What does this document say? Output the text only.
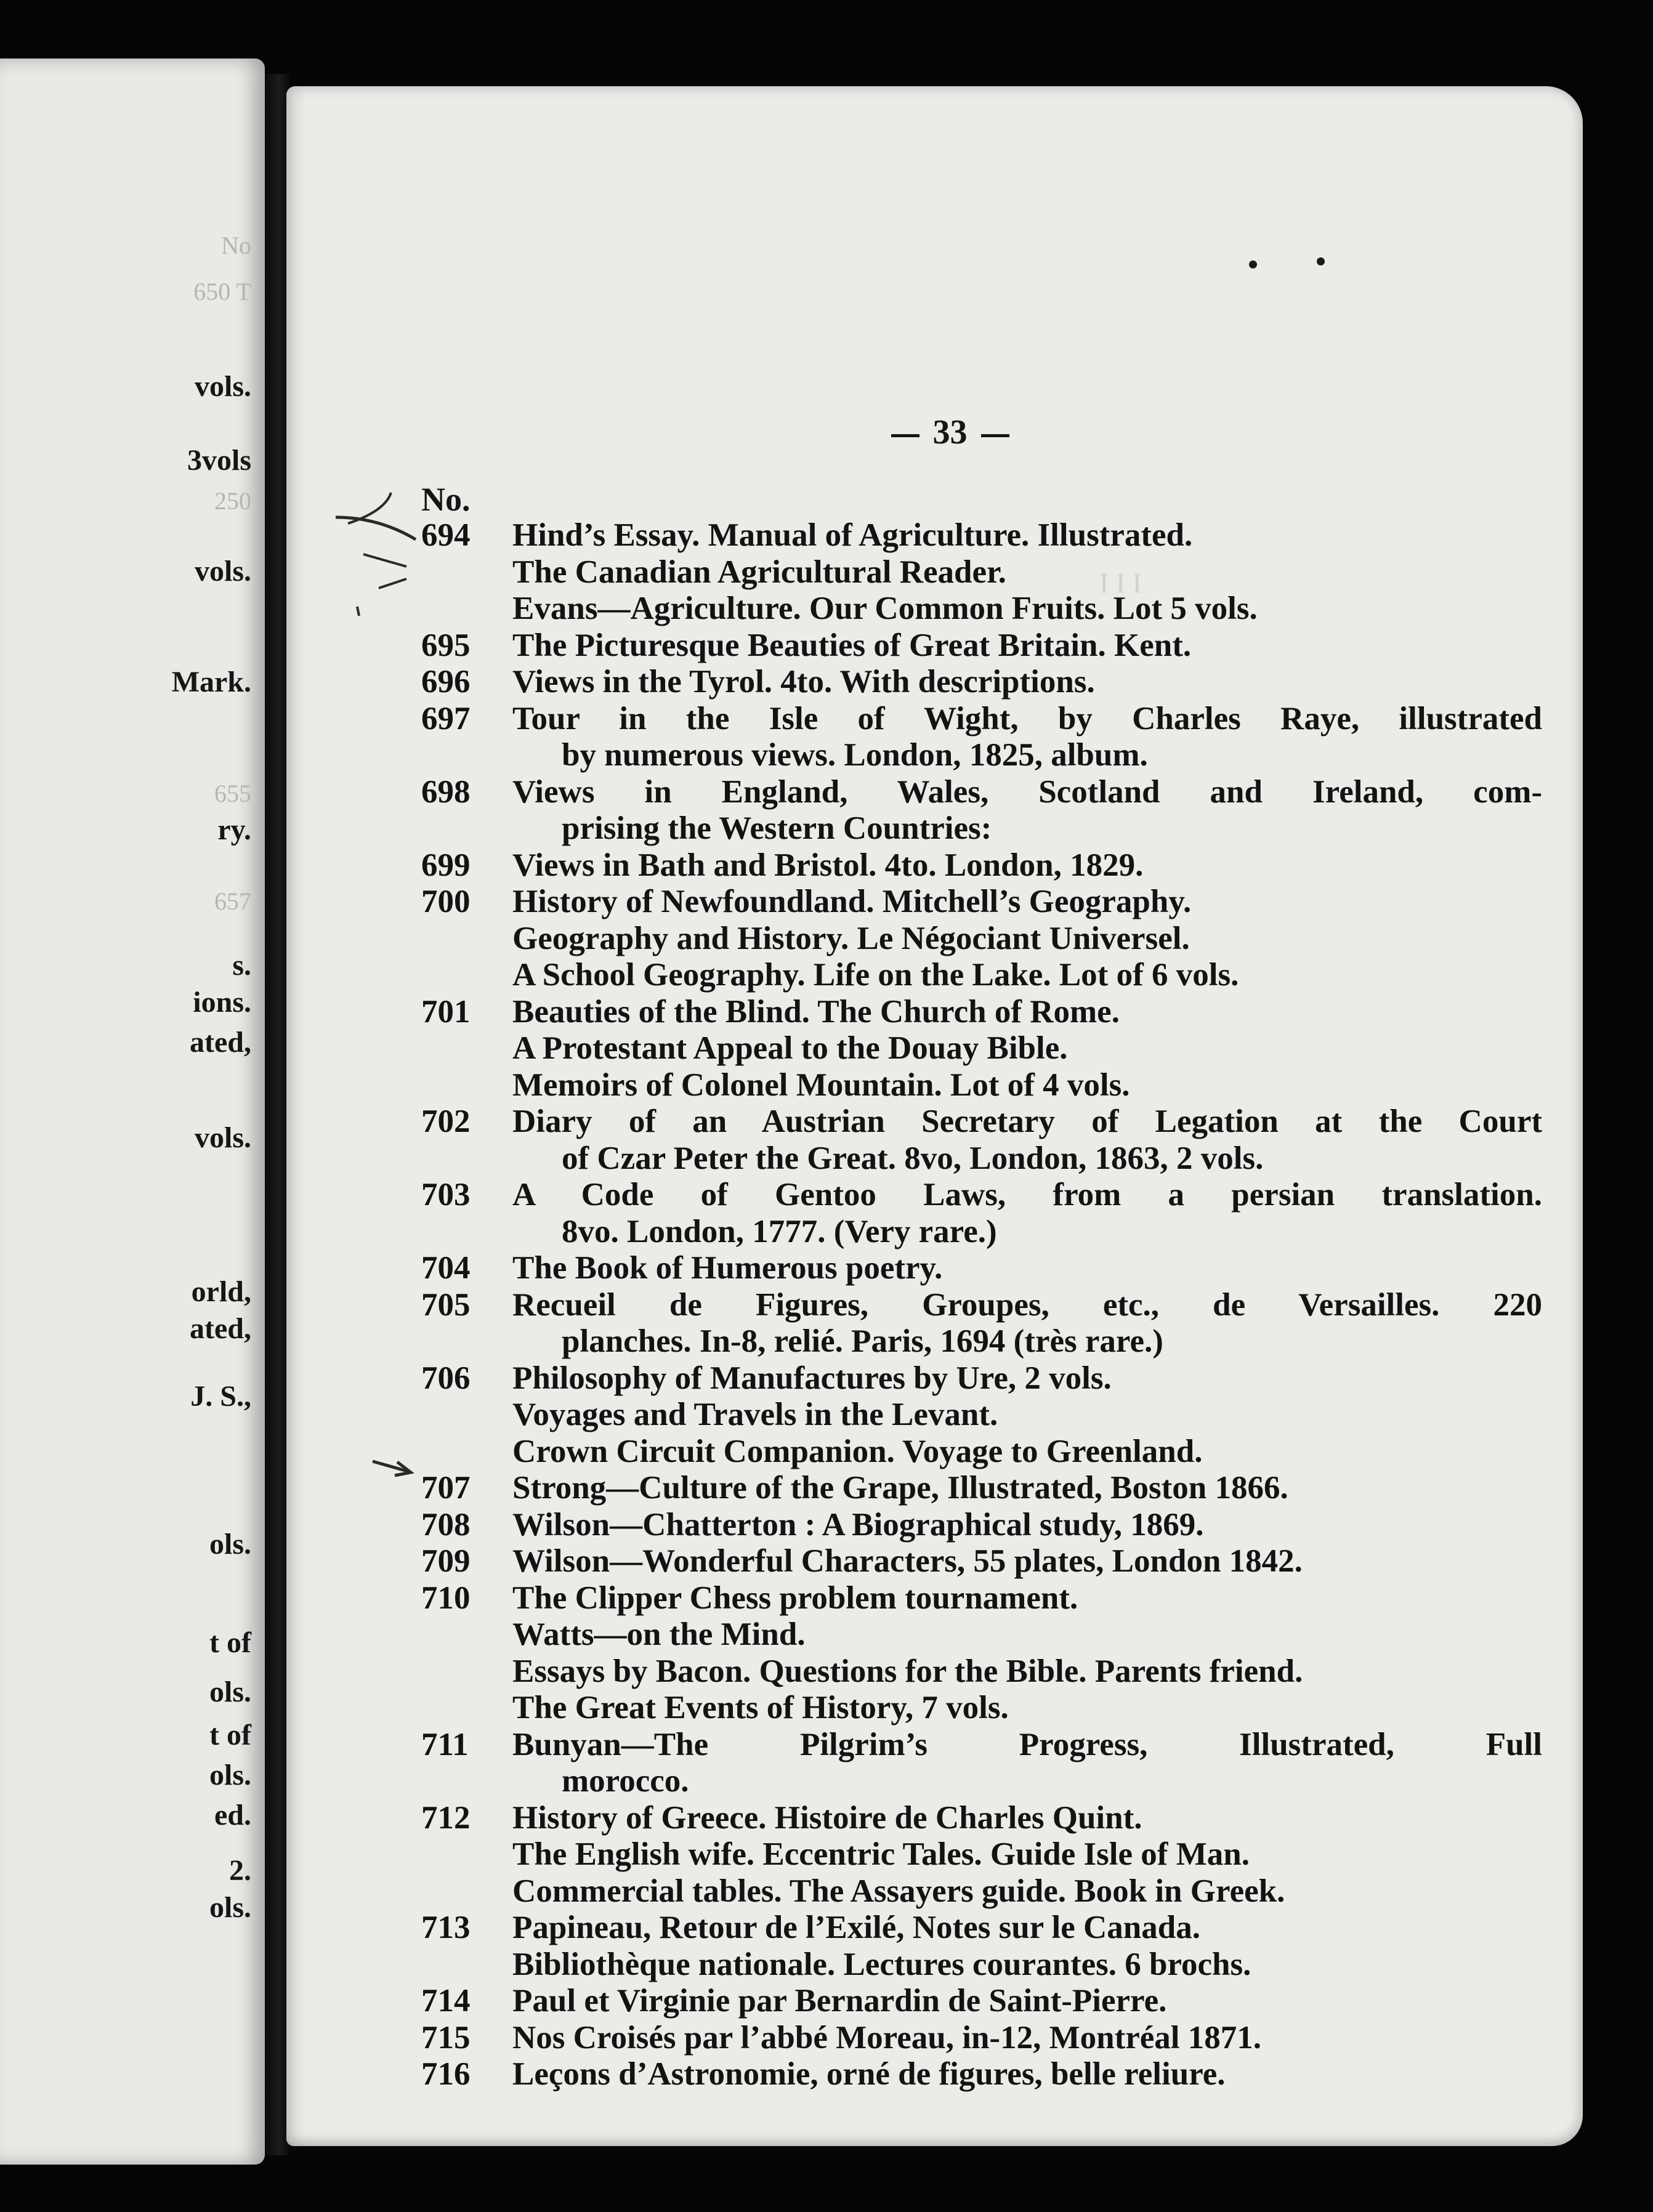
No
650 T
vols.
3vols
250
vols.
Mark.
655
ry.
657
s.
ions.
ated,
vols.
orld,
ated,
J. S.,
ols.
t of
ols.
t of
ols.
ed.
2.
ols.
I I I
33
No.
694	Hind’s Essay. Manual of Agriculture. Illustrated.
The Canadian Agricultural Reader.
Evans—Agriculture. Our Common Fruits. Lot 5 vols.
695	The Picturesque Beauties of Great Britain. Kent.
696	Views in the Tyrol. 4to. With descriptions.
697	Tour in the Isle of Wight, by Charles Raye, illustrated
by numerous views. London, 1825, album.
698	Views in England, Wales, Scotland and Ireland, com-
prising the Western Countries:
699	Views in Bath and Bristol. 4to. London, 1829.
700	History of Newfoundland. Mitchell’s Geography.
Geography and History. Le Négociant Universel.
A School Geography. Life on the Lake. Lot of 6 vols.
701	Beauties of the Blind. The Church of Rome.
A Protestant Appeal to the Douay Bible.
Memoirs of Colonel Mountain. Lot of 4 vols.
702	Diary of an Austrian Secretary of Legation at the Court
of Czar Peter the Great. 8vo, London, 1863, 2 vols.
703	A Code of Gentoo Laws, from a persian translation.
8vo. London, 1777. (Very rare.)
704	The Book of Humerous poetry.
705	Recueil de Figures, Groupes, etc., de Versailles. 220
planches. In-8, relié. Paris, 1694 (très rare.)
706	Philosophy of Manufactures by Ure, 2 vols.
Voyages and Travels in the Levant.
Crown Circuit Companion. Voyage to Greenland.
707	Strong—Culture of the Grape, Illustrated, Boston 1866.
708	Wilson—Chatterton : A Biographical study, 1869.
709	Wilson—Wonderful Characters, 55 plates, London 1842.
710	The Clipper Chess problem tournament.
Watts—on the Mind.
Essays by Bacon. Questions for the Bible. Parents friend.
The Great Events of History, 7 vols.
711	Bunyan—The Pilgrim’s Progress, Illustrated, Full
morocco.
712	History of Greece. Histoire de Charles Quint.
The English wife. Eccentric Tales. Guide Isle of Man.
Commercial tables. The Assayers guide. Book in Greek.
713	Papineau, Retour de l’Exilé, Notes sur le Canada.
Bibliothèque nationale. Lectures courantes. 6 brochs.
714	Paul et Virginie par Bernardin de Saint-Pierre.
715	Nos Croisés par l’abbé Moreau, in-12, Montréal 1871.
716	Leçons d’Astronomie, orné de figures, belle reliure.
